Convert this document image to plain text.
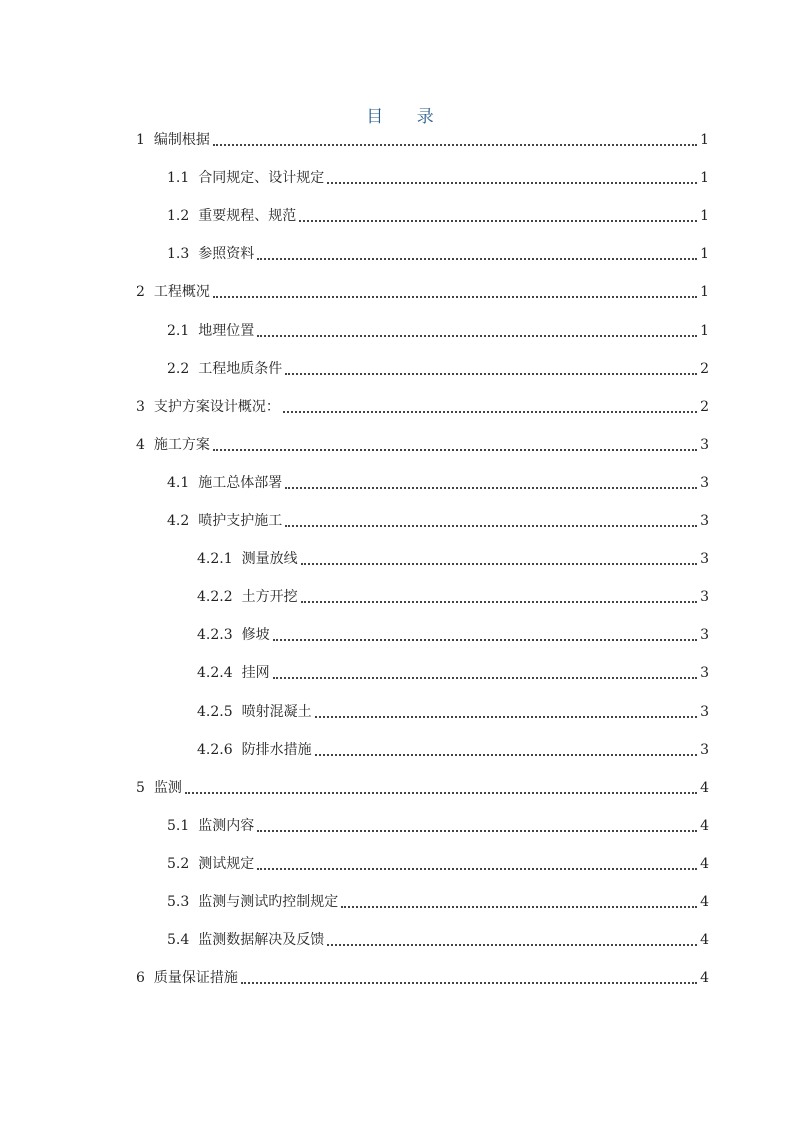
目 录
1 编制根据	1
1.1 合同规定、设计规定	1
1.2 重要规程、规范	1
1.3 参照资料	1
2 工程概况	1
2.1 地理位置	1
2.2 工程地质条件	2
3 支护方案设计概况：	2
4 施工方案	3
4.1 施工总体部署	3
4.2 喷护支护施工	3
4.2.1 测量放线	3
4.2.2 土方开挖	3
4.2.3 修坡	3
4.2.4 挂网	3
4.2.5 喷射混凝土	3
4.2.6 防排水措施	3
5 监测	4
5.1 监测内容	4
5.2 测试规定	4
5.3 监测与测试旳控制规定	4
5.4 监测数据解决及反馈	4
6 质量保证措施	4
